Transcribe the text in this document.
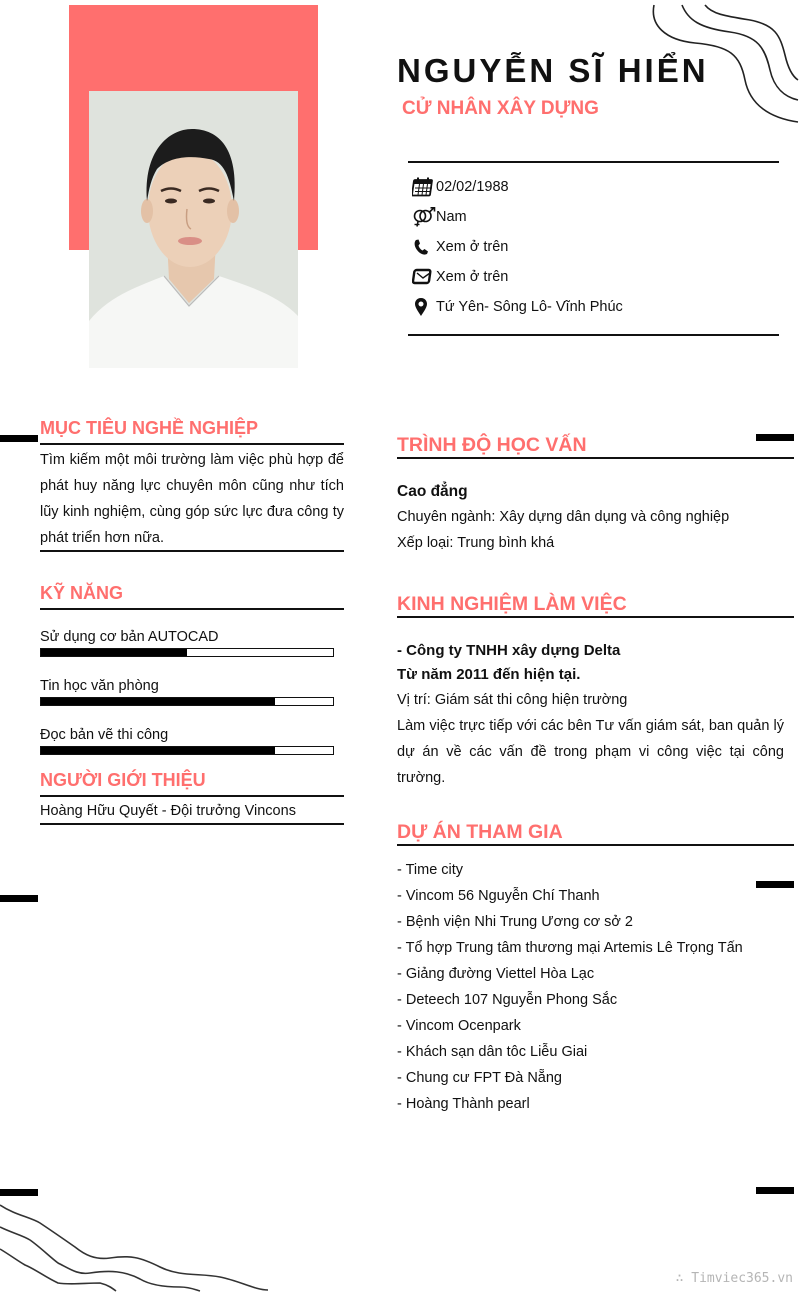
NGUYỄN SĨ HIỂN
CỬ NHÂN XÂY DỰNG
02/02/1988
Nam
Xem ở trên
Xem ở trên
Tứ Yên- Sông Lô- Vĩnh Phúc
MỤC TIÊU NGHỀ NGHIỆP
Tìm kiếm một môi trường làm việc phù hợp để phát huy năng lực chuyên môn cũng như tích lũy kinh nghiệm, cùng góp sức lực đưa công ty phát triển hơn nữa.
KỸ NĂNG
Sử dụng cơ bản AUTOCAD
Tin học văn phòng
Đọc bản vẽ thi công
NGƯỜI GIỚI THIỆU
Hoàng Hữu Quyết - Đội trưởng Vincons
TRÌNH ĐỘ HỌC VẤN
Cao đẳng
Chuyên ngành: Xây dựng dân dụng và công nghiệp
Xếp loại: Trung bình khá
KINH NGHIỆM LÀM VIỆC
- Công ty TNHH xây dựng Delta
Từ năm 2011 đến hiện tại.
Vị trí: Giám sát thi công hiện trường
Làm việc trực tiếp với các bên Tư vấn giám sát, ban quản lý dự án về các vấn đề trong phạm vi công việc tại công trường.
DỰ ÁN THAM GIA
- Time city
- Vincom 56 Nguyễn Chí Thanh
- Bệnh viện Nhi Trung Ương cơ sở 2
- Tổ hợp Trung tâm thương mại Artemis Lê Trọng Tấn
- Giảng đường Viettel Hòa Lạc
- Deteech 107 Nguyễn Phong Sắc
- Vincom Ocenpark
- Khách sạn dân tôc Liễu Giai
- Chung cư FPT Đà Nẵng
- Hoàng Thành pearl
∴ Timviec365.vn
